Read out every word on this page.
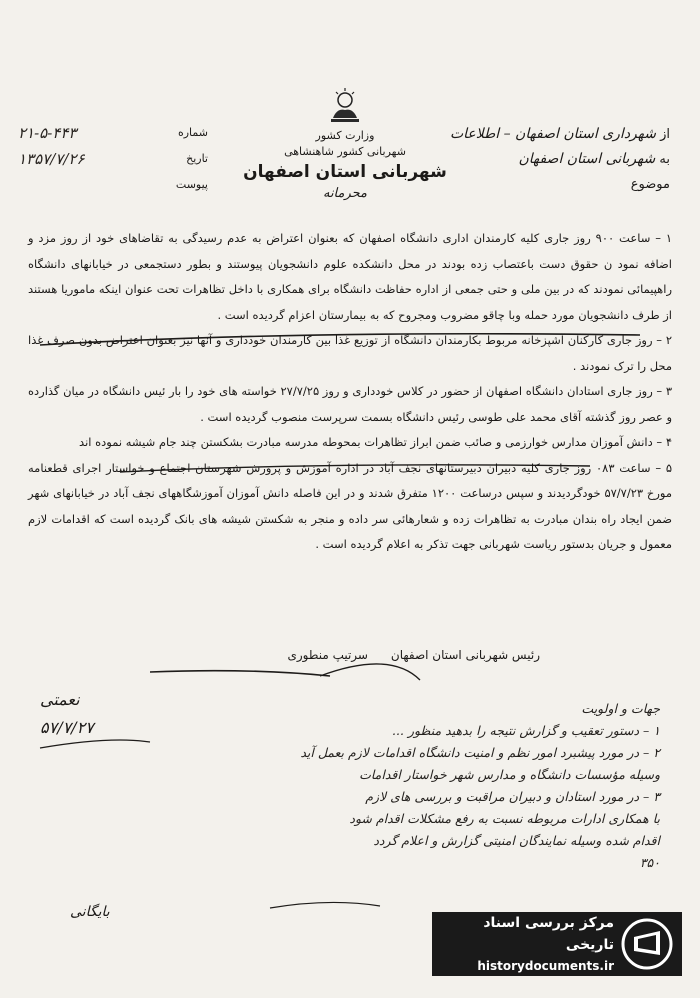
وزارت کشور
شهربانی کشور شاهنشاهی
شهربانی استان اصفهان
محرمانه
از شهرداری استان اصفهان – اطلاعات
به شهربانی استان اصفهان
موضوع
۲۱-۵-۴۴۳	شماره
۱۳۵۷/۷/۲۶	تاریخ
پیوست

۱ – ساعت ۹۰۰ روز جاری کلیه کارمندان اداری دانشگاه اصفهان که بعنوان اعتراض به عدم رسیدگی به تقاضاهای خود از روز مزد و اضافه نمود ن حقوق دست باعتصاب زده بودند در محل دانشکده علوم دانشجویان پیوستند و بطور دستجمعی در خیابانهای دانشگاه راهپیمائی نمودند که در بین ملی و حتی جمعی از اداره حفاظت دانشگاه برای همکاری با داخل تظاهرات تحت عنوان اینکه ماموریا هستند از طرف دانشجویان مورد حمله وبا چاقو مضروب ومجروح که به بیمارستان اعزام گردیده است .

۲ – روز جاری کارکنان آشپزخانه مربوط بکارمندان دانشگاه از توزیع غذا بین کارمندان خودداری و آنها نیز بعنوان اعتراض بدون صرف غذا محل را ترک نمودند .

۳ – روز جاری استادان دانشگاه اصفهان از حضور در کلاس خودداری و روز ۲۷/۷/۲۵ خواسته های خود را بار ئیس دانشگاه در میان گذارده و عصر روز گذشته آقای محمد علی طوسی رئیس دانشگاه بسمت سرپرست منصوب گردیده است .

۴ – دانش آموزان مدارس خوارزمی و صائب ضمن ابراز تظاهرات بمحوطه مدرسه مبادرت بشکستن چند جام شیشه نموده اند

۵ – ساعت ۰۸۳ روز جاری کلیه دبیران دبیرستانهای نجف آباد در اداره آموزش و پرورش شهرستان اجتماع و خواستار اجرای قطعنامه مورخ ۵۷/۷/۲۳ خودگردیدند و سپس درساعت ۱۲۰۰ متفرق شدند و در این فاصله دانش آموزان آموزشگاههای نجف آباد در خیابانهای شهر ضمن ایجاد راه بندان مبادرت به تظاهرات زده و شعارهائی سر داده و منجر به شکستن شیشه های بانک گردیده است که اقدامات لازم معمول و جریان بدستور ریاست شهربانی جهت تذکر به اعلام گردیده است .

رئیس شهربانی استان اصفهان      سرتیپ منطوری
نعمتی
۵۷/۷/۲۷

جهات و اولویت

۱ – دستور تعقیب و گزارش نتیجه را بدهید منظور ...

۲ – در مورد پیشبرد امور نظم و امنیت دانشگاه اقدامات لازم بعمل آید

وسیله مؤسسات دانشگاه و مدارس شهر خواستار اقدامات

۳ – در مورد استادان و دبیران مراقبت و بررسی های لازم

با همکاری ادارات مربوطه نسبت به رفع مشکلات اقدام شود

اقدام شده وسیله نمایندگان امنیتی گزارش و اعلام گردد

۳۵۰

بایگانی
مرکز بررسی اسناد تاریخی
historydocuments.ir
